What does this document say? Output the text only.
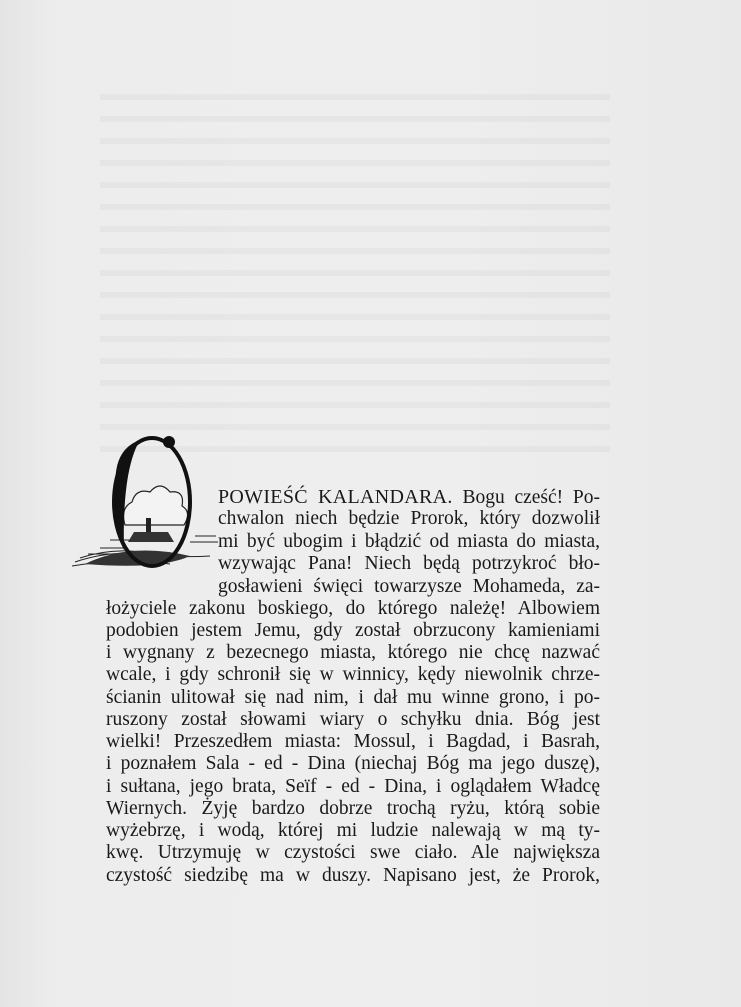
POWIEŚĆ KALANDARA. Bogu cześć! Po-
chwalon niech będzie Prorok, który dozwolił
mi być ubogim i błądzić od miasta do miasta,
wzywając Pana! Niech będą potrzykroć bło-
gosławieni święci towarzysze Mohameda, za-
łożyciele zakonu boskiego, do którego należę! Albowiem
podobien jestem Jemu, gdy został obrzucony kamieniami
i wygnany z bezecnego miasta, którego nie chcę nazwać
wcale, i gdy schronił się w winnicy, kędy niewolnik chrze-
ścianin ulitował się nad nim, i dał mu winne grono, i po-
ruszony został słowami wiary o schyłku dnia. Bóg jest
wielki! Przeszedłem miasta: Mossul, i Bagdad, i Basrah,
i poznałem Sala - ed - Dina (niechaj Bóg ma jego duszę),
i sułtana, jego brata, Seïf - ed - Dina, i oglądałem Władcę
Wiernych. Żyję bardzo dobrze trochą ryżu, którą sobie
wyżebrzę, i wodą, której mi ludzie nalewają w mą ty-
kwę. Utrzymuję w czystości swe ciało. Ale największa
czystość siedzibę ma w duszy. Napisano jest, że Prorok,
